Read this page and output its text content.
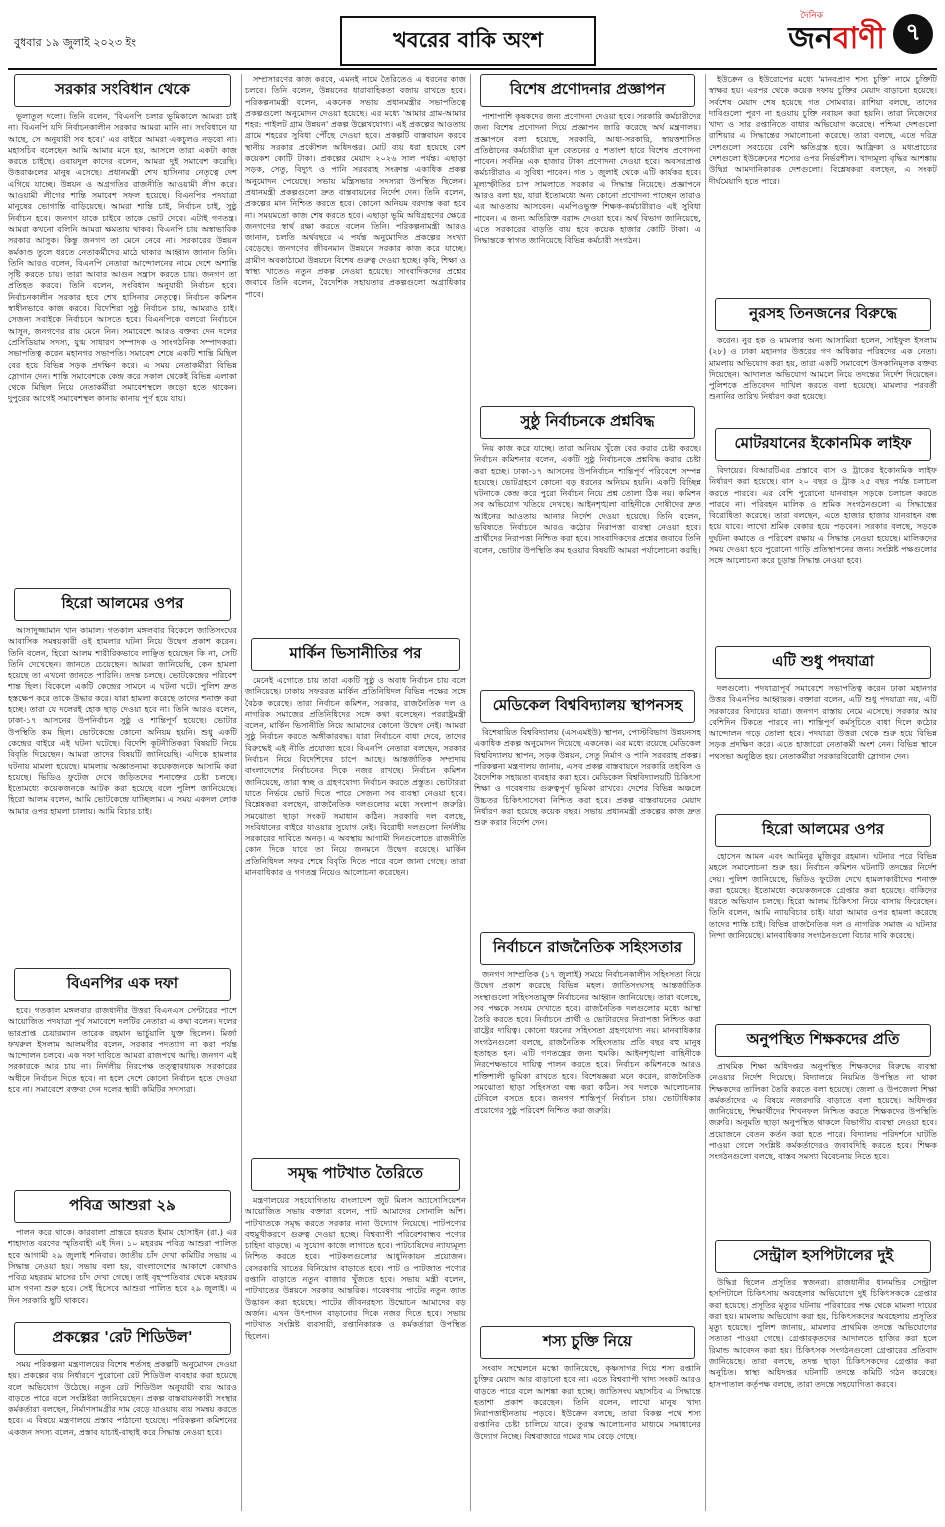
বুধবার ১৯ জুলাই ২০২৩ ইং	খবরের বাকি অংশ
দৈনিক
জনবাণী ৭
সরকার সংবিধান থেকে

ভূলাতুল দলো। তিনি বলেন, 'বিএনপি চলার ভূমিকালে আমরা চাই না। বিএনপি যদি নির্বাচনকালীন সরকার আমরা মানি না। সংবিধানে যা আছে, সে অনুযায়ী সব হবে।' এর বাইরে আমরা একচুলও নড়বো না। মহাসচিব বলেছেন আমি আমার মনে হয়, আসলে তারা একটা কাজ করতে চাইছে। ওবায়দুল কাদের বলেন, আমরা দুই সমাবেশ করেছি। উত্তরাঞ্চলের মানুষ এসেছে। প্রধানমন্ত্রী শেখ হাসিনার নেতৃত্বে দেশ এগিয়ে যাচ্ছে। উন্নয়ন ও অগ্রগতির রাজনীতি আওয়ামী লীগ করে। আওয়ামী লীগের শান্তি সমাবেশ সফল হয়েছে। বিএনপির পদযাত্রা মানুষের ভোগান্তি বাড়িয়েছে। আমরা শান্তি চাই, নির্বাচন চাই, সুষ্ঠু নির্বাচন হবে। জনগণ যাকে চাইবে তাকে ভোট দেবে। এটাই গণতন্ত্র। আমরা কখনো বলিনি আমরা ক্ষমতায় থাকব। বিএনপি চায় অস্বাভাবিক সরকার আসুক। কিন্তু জনগণ তা মেনে নেবে না। সরকারের উন্নয়ন কর্মকাণ্ড তুলে ধরতে নেতাকর্মীদের মাঠে থাকার আহ্বান জানান তিনি। তিনি আরও বলেন, বিএনপি নেতারা আন্দোলনের নামে দেশে অশান্তি সৃষ্টি করতে চায়। তারা আবার আগুন সন্ত্রাস করতে চায়। জনগণ তা প্রতিহত করবে। তিনি বলেন, সংবিধান অনুযায়ী নির্বাচন হবে। নির্বাচনকালীন সরকার হবে শেখ হাসিনার নেতৃত্বে। নির্বাচন কমিশন স্বাধীনভাবে কাজ করবে। বিদেশিরা সুষ্ঠু নির্বাচন চায়, আমরাও চাই। সেজন্য সবাইকে নির্বাচনে আসতে হবে। বিএনপিকে বলবো নির্বাচনে আসুন, জনগণের রায় মেনে নিন। সমাবেশে আরও বক্তব্য দেন দলের প্রেসিডিয়াম সদস্য, যুগ্ম সাধারণ সম্পাদক ও সাংগঠনিক সম্পাদকরা। সভাপতিত্ব করেন মহানগর সভাপতি। সমাবেশ শেষে একটি শান্তি মিছিল বের হয়ে বিভিন্ন সড়ক প্রদক্ষিণ করে। এ সময় নেতাকর্মীরা বিভিন্ন স্লোগান দেন। শান্তি সমাবেশকে কেন্দ্র করে সকাল থেকেই বিভিন্ন এলাকা থেকে মিছিল নিয়ে নেতাকর্মীরা সমাবেশস্থলে জড়ো হতে থাকেন। দুপুরের আগেই সমাবেশস্থল কানায় কানায় পূর্ণ হয়ে যায়।

হিরো আলমের ওপর

আসাদুজ্জামান খান কামাল। গতকাল মঙ্গলবার বিকেলে জাতিসংঘের আবাসিক সমন্বয়কারী ওই হামলার ঘটনা নিয়ে উদ্বেগ প্রকাশ করেন। তিনি বলেন, হিরো আলম শারীরিকভাবে লাঞ্ছিত হয়েছেন কি না, সেটি তিনি দেখেছেন। জানতে চেয়েছেন। আমরা জানিয়েছি, কেন হামলা হয়েছে তা এখনো জানতে পারিনি। তদন্ত চলছে। ভোটকেন্দ্রের পরিবেশ শান্ত ছিল। বিকেলে একটি কেন্দ্রের সামনে এ ঘটনা ঘটে। পুলিশ দ্রুত হস্তক্ষেপ করে তাকে উদ্ধার করে। যারা হামলা করেছে তাদের শনাক্ত করা হচ্ছে। তারা যে দলেরই হোক ছাড় দেওয়া হবে না। তিনি আরও বলেন, ঢাকা-১৭ আসনের উপনির্বাচন সুষ্ঠু ও শান্তিপূর্ণ হয়েছে। ভোটার উপস্থিতি কম ছিল। ভোটকেন্দ্রে কোনো অনিয়ম হয়নি। শুধু একটি কেন্দ্রের বাইরে এই ঘটনা ঘটেছে। বিদেশি কূটনীতিকরা বিষয়টি নিয়ে বিবৃতি দিয়েছেন। আমরা তাদের বিষয়টি জানিয়েছি। এদিকে হামলার ঘটনায় মামলা হয়েছে। মামলায় অজ্ঞাতনামা কয়েকজনকে আসামি করা হয়েছে। ভিডিও ফুটেজ দেখে জড়িতদের শনাক্তের চেষ্টা চলছে। ইতোমধ্যে কয়েকজনকে আটক করা হয়েছে বলে পুলিশ জানিয়েছে। হিরো আলম বলেন, আমি ভোটকেন্দ্রে যাচ্ছিলাম। এ সময় একদল লোক আমার ওপর হামলা চালায়। আমি বিচার চাই।

বিএনপির এক দফা

হবে। গতকাল মঙ্গলবার রাজধানীর উত্তরা বিএনএস সেন্টারের পাশে আয়োজিত পদযাত্রা পূর্ব সমাবেশে দলটির নেতারা এ কথা বলেন। দলের ভারপ্রাপ্ত চেয়ারম্যান তারেক রহমান ভার্চুয়ালি যুক্ত ছিলেন। মির্জা ফখরুল ইসলাম আলমগীর বলেন, সরকার পদত্যাগ না করা পর্যন্ত আন্দোলন চলবে। এক দফা দাবিতে আমরা রাজপথে আছি। জনগণ এই সরকারকে আর চায় না। নির্দলীয় নিরপেক্ষ তত্ত্বাবধায়ক সরকারের অধীনে নির্বাচন দিতে হবে। না হলে দেশে কোনো নির্বাচন হতে দেওয়া হবে না। সমাবেশে বক্তব্য দেন দলের স্থায়ী কমিটির সদস্যরা।

পবিত্র আশুরা ২৯

পালন করে থাকে। কারবালা প্রান্তরে হযরত ইমাম হোসাইন (রা.) এর শাহাদাত বরণের স্মৃতিবাহী এই দিন। ১০ মহররম পবিত্র আশুরা পালিত হবে আগামী ২৯ জুলাই শনিবার। জাতীয় চাঁদ দেখা কমিটির সভায় এ সিদ্ধান্ত নেওয়া হয়। সভায় বলা হয়, বাংলাদেশের আকাশে কোথাও পবিত্র মহররম মাসের চাঁদ দেখা গেছে। তাই বৃহস্পতিবার থেকে মহররম মাস গণনা শুরু হবে। সেই হিসেবে আশুরা পালিত হবে ২৯ জুলাই। এ দিন সরকারি ছুটি থাকবে।

প্রকল্পের 'রেট শিডিউল'

সময় পরিকল্পনা মন্ত্রণালয়ের বিশেষ শর্তসহ প্রকল্পটি অনুমোদন দেওয়া হয়। প্রকল্পের ব্যয় নির্ধারণে পুরোনো রেট শিডিউল ব্যবহার করা হয়েছে বলে অভিযোগ উঠেছে। নতুন রেট শিডিউল অনুযায়ী ব্যয় আরও বাড়তে পারে বলে সংশ্লিষ্টরা জানিয়েছেন। প্রকল্প বাস্তবায়নকারী সংস্থার কর্মকর্তারা বলছেন, নির্মাণসামগ্রীর দাম বেড়ে যাওয়ায় ব্যয় সমন্বয় করতে হবে। এ বিষয়ে মন্ত্রণালয়ে প্রস্তাব পাঠানো হয়েছে। পরিকল্পনা কমিশনের একজন সদস্য বলেন, প্রস্তাব যাচাই-বাছাই করে সিদ্ধান্ত নেওয়া হবে।

সম্প্রসারণের কাজ করবে, এমনই নামে তৈরিতেও এ ধরনের কাজ চলবে। তিনি বলেন, উন্নয়নের ধারাবাহিকতা বজায় রাখতে হবে। পরিকল্পনামন্ত্রী বলেন, একনেক সভায় প্রধানমন্ত্রীর সভাপতিত্বে প্রকল্পগুলো অনুমোদন দেওয়া হয়েছে। এর মধ্যে 'আমার গ্রাম-আমার শহর: পাইলট গ্রাম উন্নয়ন' প্রকল্প উল্লেখযোগ্য। এই প্রকল্পের আওতায় গ্রামে শহরের সুবিধা পৌঁছে দেওয়া হবে। প্রকল্পটি বাস্তবায়ন করবে স্থানীয় সরকার প্রকৌশল অধিদপ্তর। মোট ব্যয় ধরা হয়েছে বেশ কয়েকশ কোটি টাকা। প্রকল্পের মেয়াদ ২০২৬ সাল পর্যন্ত। এছাড়া সড়ক, সেতু, বিদ্যুৎ ও পানি সরবরাহ সংক্রান্ত একাধিক প্রকল্প অনুমোদন পেয়েছে। সভায় মন্ত্রিসভার সদস্যরা উপস্থিত ছিলেন। প্রধানমন্ত্রী প্রকল্পগুলো দ্রুত বাস্তবায়নের নির্দেশ দেন। তিনি বলেন, প্রকল্পের মান নিশ্চিত করতে হবে। কোনো অনিয়ম বরদাস্ত করা হবে না। সময়মতো কাজ শেষ করতে হবে। এছাড়া ভূমি অধিগ্রহণের ক্ষেত্রে জনগণের স্বার্থ রক্ষা করতে বলেন তিনি। পরিকল্পনামন্ত্রী আরও জানান, চলতি অর্থবছরে এ পর্যন্ত অনুমোদিত প্রকল্পের সংখ্যা বেড়েছে। জনগণের জীবনমান উন্নয়নে সরকার কাজ করে যাচ্ছে। গ্রামীণ অবকাঠামো উন্নয়নে বিশেষ গুরুত্ব দেওয়া হচ্ছে। কৃষি, শিক্ষা ও স্বাস্থ্য খাতেও নতুন প্রকল্প নেওয়া হয়েছে। সাংবাদিকদের প্রশ্নের জবাবে তিনি বলেন, বৈদেশিক সহায়তার প্রকল্পগুলো অগ্রাধিকার পাবে।

মার্কিন ভিসানীতির পর

মেনেই এগোতে চায় তারা একটি সুষ্ঠু ও অবাধ নির্বাচন চায় বলে জানিয়েছে। ঢাকায় সফররত মার্কিন প্রতিনিধিদল বিভিন্ন পক্ষের সঙ্গে বৈঠক করেছে। তারা নির্বাচন কমিশন, সরকার, রাজনৈতিক দল ও নাগরিক সমাজের প্রতিনিধিদের সঙ্গে কথা বলেছেন। পররাষ্ট্রমন্ত্রী বলেন, মার্কিন ভিসানীতি নিয়ে আমাদের কোনো উদ্বেগ নেই। আমরা সুষ্ঠু নির্বাচন করতে অঙ্গীকারবদ্ধ। যারা নির্বাচনে বাধা দেবে, তাদের বিরুদ্ধেই এই নীতি প্রযোজ্য হবে। বিএনপি নেতারা বলছেন, সরকার নির্বাচন নিয়ে বিদেশিদের চাপে আছে। আন্তর্জাতিক সম্প্রদায় বাংলাদেশের নির্বাচনের দিকে নজর রাখছে। নির্বাচন কমিশন জানিয়েছে, তারা স্বচ্ছ ও গ্রহণযোগ্য নির্বাচন করতে প্রস্তুত। ভোটাররা যাতে নির্ভয়ে ভোট দিতে পারে সেজন্য সব ব্যবস্থা নেওয়া হবে। বিশ্লেষকরা বলছেন, রাজনৈতিক দলগুলোর মধ্যে সংলাপ জরুরি। সমঝোতা ছাড়া সংকট সমাধান কঠিন। সরকারি দল বলছে, সংবিধানের বাইরে যাওয়ার সুযোগ নেই। বিরোধী দলগুলো নির্দলীয় সরকারের দাবিতে অনড়। এ অবস্থায় আগামী দিনগুলোতে রাজনীতি কোন দিকে যাবে তা নিয়ে জনমনে উদ্বেগ রয়েছে। মার্কিন প্রতিনিধিদল সফর শেষে বিবৃতি দিতে পারে বলে জানা গেছে। তারা মানবাধিকার ও গণতন্ত্র নিয়েও আলোচনা করেছেন।

সমৃদ্ধ পাটখাত তৈরিতে

মন্ত্রণালয়ের সহযোগিতায় বাংলাদেশ জুট মিলস অ্যাসোসিয়েশন আয়োজিত সভায় বক্তারা বলেন, পাট আমাদের সোনালি আঁশ। পাটখাতকে সমৃদ্ধ করতে সরকার নানা উদ্যোগ নিয়েছে। পাটপণ্যের বহুমুখীকরণে গুরুত্ব দেওয়া হচ্ছে। বিশ্বব্যাপী পরিবেশবান্ধব পণ্যের চাহিদা বাড়ছে। এ সুযোগ কাজে লাগাতে হবে। পাটচাষিদের ন্যায্যমূল্য নিশ্চিত করতে হবে। পাটকলগুলোর আধুনিকায়ন প্রয়োজন। বেসরকারি খাতের বিনিয়োগ বাড়াতে হবে। পাট ও পাটজাত পণ্যের রপ্তানি বাড়াতে নতুন বাজার খুঁজতে হবে। সভায় মন্ত্রী বলেন, পাটখাতের উন্নয়নে সরকার আন্তরিক। গবেষণায় পাটের নতুন জাত উদ্ভাবন করা হয়েছে। পাটের জীবনরহস্য উন্মোচন আমাদের বড় অর্জন। এখন উৎপাদন বাড়ানোর দিকে নজর দিতে হবে। সভায় পাটখাত সংশ্লিষ্ট ব্যবসায়ী, রপ্তানিকারক ও কর্মকর্তারা উপস্থিত ছিলেন।

বিশেষ প্রণোদনার প্রজ্ঞাপন

পাশাপাশি কৃষকদের জন্য প্রণোদনা দেওয়া হবে। সরকারি কর্মচারীদের জন্য বিশেষ প্রণোদনা দিয়ে প্রজ্ঞাপন জারি করেছে অর্থ মন্ত্রণালয়। প্রজ্ঞাপনে বলা হয়েছে, সরকারি, আধা-সরকারি, স্বায়ত্তশাসিত প্রতিষ্ঠানের কর্মচারীরা মূল বেতনের ৫ শতাংশ হারে বিশেষ প্রণোদনা পাবেন। সর্বনিম্ন এক হাজার টাকা প্রণোদনা দেওয়া হবে। অবসরপ্রাপ্ত কর্মচারীরাও এ সুবিধা পাবেন। গত ১ জুলাই থেকে এটি কার্যকর হবে। মূল্যস্ফীতির চাপ সামলাতে সরকার এ সিদ্ধান্ত নিয়েছে। প্রজ্ঞাপনে আরও বলা হয়, যারা ইতোমধ্যে অন্য কোনো প্রণোদনা পাচ্ছেন তারাও এর আওতায় আসবেন। এমপিওভুক্ত শিক্ষক-কর্মচারীরাও এই সুবিধা পাবেন। এ জন্য অতিরিক্ত বরাদ্দ দেওয়া হবে। অর্থ বিভাগ জানিয়েছে, এতে সরকারের বাড়তি ব্যয় হবে কয়েক হাজার কোটি টাকা। এ সিদ্ধান্তকে স্বাগত জানিয়েছে বিভিন্ন কর্মচারী সংগঠন।

সুষ্ঠু নির্বাচনকে প্রশ্নবিদ্ধ

নিয় কাজ করে যাচ্ছে। তারা অনিয়ম খুঁজে বের করার চেষ্টা করছে। নির্বাচন কমিশনার বলেন, একটি সুষ্ঠু নির্বাচনকে প্রশ্নবিদ্ধ করার চেষ্টা করা হচ্ছে। ঢাকা-১৭ আসনের উপনির্বাচন শান্তিপূর্ণ পরিবেশে সম্পন্ন হয়েছে। ভোটগ্রহণে কোনো বড় ধরনের অনিয়ম হয়নি। একটি বিচ্ছিন্ন ঘটনাকে কেন্দ্র করে পুরো নির্বাচন নিয়ে প্রশ্ন তোলা ঠিক নয়। কমিশন সব অভিযোগ খতিয়ে দেখছে। আইনশৃঙ্খলা বাহিনীকে দোষীদের দ্রুত আইনের আওতায় আনার নির্দেশ দেওয়া হয়েছে। তিনি বলেন, ভবিষ্যতে নির্বাচনে আরও কঠোর নিরাপত্তা ব্যবস্থা নেওয়া হবে। প্রার্থীদের নিরাপত্তা নিশ্চিত করা হবে। সাংবাদিকদের প্রশ্নের জবাবে তিনি বলেন, ভোটার উপস্থিতি কম হওয়ার বিষয়টি আমরা পর্যালোচনা করছি।

মেডিকেল বিশ্ববিদ্যালয় স্থাপনসহ

বিশেষায়িত বিশ্ববিদ্যালয় (এসএমইউ) স্থাপন, পোস্টবিভাগ উন্নয়নসহ একাধিক প্রকল্প অনুমোদন দিয়েছে একনেক। এর মধ্যে রয়েছে মেডিকেল বিশ্ববিদ্যালয় স্থাপন, সড়ক উন্নয়ন, সেতু নির্মাণ ও পানি সরবরাহ প্রকল্প। পরিকল্পনা মন্ত্রণালয় জানায়, এসব প্রকল্প বাস্তবায়নে সরকারি তহবিল ও বৈদেশিক সহায়তা ব্যবহার করা হবে। মেডিকেল বিশ্ববিদ্যালয়টি চিকিৎসা শিক্ষা ও গবেষণায় গুরুত্বপূর্ণ ভূমিকা রাখবে। দেশের বিভিন্ন অঞ্চলে উচ্চতর চিকিৎসাসেবা নিশ্চিত করা হবে। প্রকল্প বাস্তবায়নের মেয়াদ নির্ধারণ করা হয়েছে কয়েক বছর। সভায় প্রধানমন্ত্রী প্রকল্পের কাজ দ্রুত শুরু করার নির্দেশ দেন।

নির্বাচনে রাজনৈতিক সহিংসতার

জনগণ সাম্প্রতিক (১৭ জুলাই) সময়ে নির্বাচনকালীন সহিংসতা নিয়ে উদ্বেগ প্রকাশ করেছে বিভিন্ন মহল। জাতিসংঘসহ আন্তর্জাতিক সংস্থাগুলো সহিংসতামুক্ত নির্বাচনের আহ্বান জানিয়েছে। তারা বলেছে, সব পক্ষকে সংযম দেখাতে হবে। রাজনৈতিক দলগুলোর মধ্যে আস্থা তৈরি করতে হবে। নির্বাচনে প্রার্থী ও ভোটারদের নিরাপত্তা নিশ্চিত করা রাষ্ট্রের দায়িত্ব। কোনো ধরনের সহিংসতা গ্রহণযোগ্য নয়। মানবাধিকার সংগঠনগুলো বলছে, রাজনৈতিক সহিংসতায় প্রতি বছর বহু মানুষ হতাহত হন। এটি গণতন্ত্রের জন্য হুমকি। আইনশৃঙ্খলা বাহিনীকে নিরপেক্ষভাবে দায়িত্ব পালন করতে হবে। নির্বাচন কমিশনকে আরও শক্তিশালী ভূমিকা রাখতে হবে। বিশেষজ্ঞরা মনে করেন, রাজনৈতিক সমঝোতা ছাড়া সহিংসতা বন্ধ করা কঠিন। সব দলকে আলোচনার টেবিলে বসতে হবে। জনগণ শান্তিপূর্ণ নির্বাচন চায়। ভোটাধিকার প্রয়োগের সুষ্ঠু পরিবেশ নিশ্চিত করা জরুরি।

শস্য চুক্তি নিয়ে

সংবাদ সম্মেলনে মস্কো জানিয়েছে, কৃষ্ণসাগর দিয়ে শস্য রপ্তানি চুক্তির মেয়াদ আর বাড়ানো হবে না। এতে বিশ্বব্যাপী খাদ্য সংকট আরও বাড়তে পারে বলে আশঙ্কা করা হচ্ছে। জাতিসংঘ মহাসচিব এ সিদ্ধান্তে হতাশা প্রকাশ করেছেন। তিনি বলেন, লাখো মানুষ খাদ্য নিরাপত্তাহীনতায় পড়বে। ইউক্রেন বলছে, তারা বিকল্প পথে শস্য রপ্তানির চেষ্টা চালিয়ে যাবে। তুরস্ক আলোচনার মাধ্যমে সমাধানের উদ্যোগ নিচ্ছে। বিশ্ববাজারে গমের দাম বেড়ে গেছে।

ইউক্রেন ও ইউরোপের মধ্যে 'মানবপ্রাণ শস্য চুক্তি' নামে চুক্তিটি স্বাক্ষর হয়। এরপর থেকে কয়েক দফায় চুক্তির মেয়াদ বাড়ানো হয়েছে। সর্বশেষ মেয়াদ শেষ হয়েছে গত সোমবার। রাশিয়া বলছে, তাদের দাবিগুলো পূরণ না হওয়ায় চুক্তি নবায়ন করা হয়নি। তারা নিজেদের খাদ্য ও সার রপ্তানিতে বাধার অভিযোগ করেছে। পশ্চিমা দেশগুলো রাশিয়ার এ সিদ্ধান্তের সমালোচনা করেছে। তারা বলছে, এতে দরিদ্র দেশগুলো সবচেয়ে বেশি ক্ষতিগ্রস্ত হবে। আফ্রিকা ও মধ্যপ্রাচ্যের দেশগুলো ইউক্রেনের শস্যের ওপর নির্ভরশীল। খাদ্যমূল্য বৃদ্ধির আশঙ্কায় উদ্বিগ্ন আমদানিকারক দেশগুলো। বিশ্লেষকরা বলছেন, এ সংকট দীর্ঘমেয়াদি হতে পারে।

নুরসহ তিনজনের বিরুদ্ধে

করেন। নুর হক ও মামলার অন্য আসামিরা হলেন, সাইফুল ইসলাম (২৮) ও ঢাকা মহানগর উত্তরের গণ অধিকার পরিষদের এক নেতা। মামলায় অভিযোগ করা হয়, তারা একটি সমাবেশে উসকানিমূলক বক্তব্য দিয়েছেন। আদালত অভিযোগ আমলে নিয়ে তদন্তের নির্দেশ দিয়েছেন। পুলিশকে প্রতিবেদন দাখিল করতে বলা হয়েছে। মামলার পরবর্তী শুনানির তারিখ নির্ধারণ করা হয়েছে।

মোটরযানের ইকোনমিক লাইফ

বিদায়ের। বিআরটিএর প্রস্তাবে বাস ও ট্রাকের ইকোনমিক লাইফ নির্ধারণ করা হয়েছে। বাস ২০ বছর ও ট্রাক ২৫ বছর পর্যন্ত চলাচল করতে পারবে। এর বেশি পুরোনো যানবাহন সড়কে চলাচল করতে পারবে না। পরিবহন মালিক ও শ্রমিক সংগঠনগুলো এ সিদ্ধান্তের বিরোধিতা করেছে। তারা বলছেন, এতে হাজার হাজার যানবাহন বন্ধ হয়ে যাবে। লাখো শ্রমিক বেকার হয়ে পড়বেন। সরকার বলছে, সড়কে দুর্ঘটনা কমাতে ও পরিবেশ রক্ষায় এ সিদ্ধান্ত নেওয়া হয়েছে। মালিকদের সময় দেওয়া হবে পুরোনো গাড়ি প্রতিস্থাপনের জন্য। সংশ্লিষ্ট পক্ষগুলোর সঙ্গে আলোচনা করে চূড়ান্ত সিদ্ধান্ত নেওয়া হবে।

এটি শুধু পদযাত্রা

দলগুলো। পদযাত্রাপূর্ব সমাবেশে সভাপতিত্ব করেন ঢাকা মহানগর উত্তর বিএনপির আহ্বায়ক। বক্তারা বলেন, এটি শুধু পদযাত্রা নয়, এটি সরকারের বিদায়ের যাত্রা। জনগণ রাস্তায় নেমে এসেছে। সরকার আর বেশিদিন টিকতে পারবে না। শান্তিপূর্ণ কর্মসূচিতে বাধা দিলে কঠোর আন্দোলন গড়ে তোলা হবে। পদযাত্রা উত্তরা থেকে শুরু হয়ে বিভিন্ন সড়ক প্রদক্ষিণ করে। এতে হাজারো নেতাকর্মী অংশ নেন। বিভিন্ন স্থানে পথসভা অনুষ্ঠিত হয়। নেতাকর্মীরা সরকারবিরোধী স্লোগান দেন।

হিরো আলমের ওপর

হোসেন আমন এবং আমিনুর মুজিবুর রহমান। ঘটনার পরে বিভিন্ন মহলে সমালোচনা শুরু হয়। নির্বাচন কমিশন ঘটনাটি তদন্তের নির্দেশ দেয়। পুলিশ জানিয়েছে, ভিডিও ফুটেজ দেখে হামলাকারীদের শনাক্ত করা হয়েছে। ইতোমধ্যে কয়েকজনকে গ্রেপ্তার করা হয়েছে। বাকিদের ধরতে অভিযান চলছে। হিরো আলম চিকিৎসা নিয়ে বাসায় ফিরেছেন। তিনি বলেন, আমি ন্যায়বিচার চাই। যারা আমার ওপর হামলা করেছে তাদের শাস্তি চাই। বিভিন্ন রাজনৈতিক দল ও নাগরিক সমাজ এ ঘটনার নিন্দা জানিয়েছে। মানবাধিকার সংগঠনগুলো বিচার দাবি করেছে।

অনুপস্থিত শিক্ষকদের প্রতি

প্রাথমিক শিক্ষা অধিদপ্তর অনুপস্থিত শিক্ষকদের বিরুদ্ধে ব্যবস্থা নেওয়ার নির্দেশ দিয়েছে। বিদ্যালয়ে নিয়মিত উপস্থিত না থাকা শিক্ষকদের তালিকা তৈরি করতে বলা হয়েছে। জেলা ও উপজেলা শিক্ষা কর্মকর্তাদের এ বিষয়ে নজরদারি বাড়াতে বলা হয়েছে। অধিদপ্তর জানিয়েছে, শিক্ষার্থীদের শিখনফল নিশ্চিত করতে শিক্ষকদের উপস্থিতি জরুরি। অনুমতি ছাড়া অনুপস্থিত থাকলে বিভাগীয় ব্যবস্থা নেওয়া হবে। প্রয়োজনে বেতন কর্তন করা হতে পারে। বিদ্যালয় পরিদর্শনে ঘাটতি পাওয়া গেলে সংশ্লিষ্ট কর্মকর্তাদেরও জবাবদিহি করতে হবে। শিক্ষক সংগঠনগুলো বলছে, বাস্তব সমস্যা বিবেচনায় নিতে হবে।

সেন্ট্রাল হসপিটালের দুই

উদ্ধিগ্ন ছিলেন প্রসূতির স্বজনরা। রাজধানীর ধানমন্ডির সেন্ট্রাল হসপিটালে চিকিৎসায় অবহেলার অভিযোগে দুই চিকিৎসককে গ্রেপ্তার করা হয়েছে। প্রসূতির মৃত্যুর ঘটনায় পরিবারের পক্ষ থেকে মামলা দায়ের করা হয়। মামলায় অভিযোগ করা হয়, চিকিৎসকদের অবহেলায় প্রসূতির মৃত্যু হয়েছে। পুলিশ জানায়, মামলার প্রাথমিক তদন্তে অভিযোগের সত্যতা পাওয়া গেছে। গ্রেপ্তারকৃতদের আদালতে হাজির করা হলে রিমান্ড আবেদন করা হয়। চিকিৎসক সংগঠনগুলো গ্রেপ্তারের প্রতিবাদ জানিয়েছে। তারা বলছে, তদন্ত ছাড়া চিকিৎসকদের গ্রেপ্তার করা অনুচিত। স্বাস্থ্য অধিদপ্তর ঘটনাটি তদন্তে কমিটি গঠন করেছে। হাসপাতাল কর্তৃপক্ষ বলছে, তারা তদন্তে সহযোগিতা করবে।
